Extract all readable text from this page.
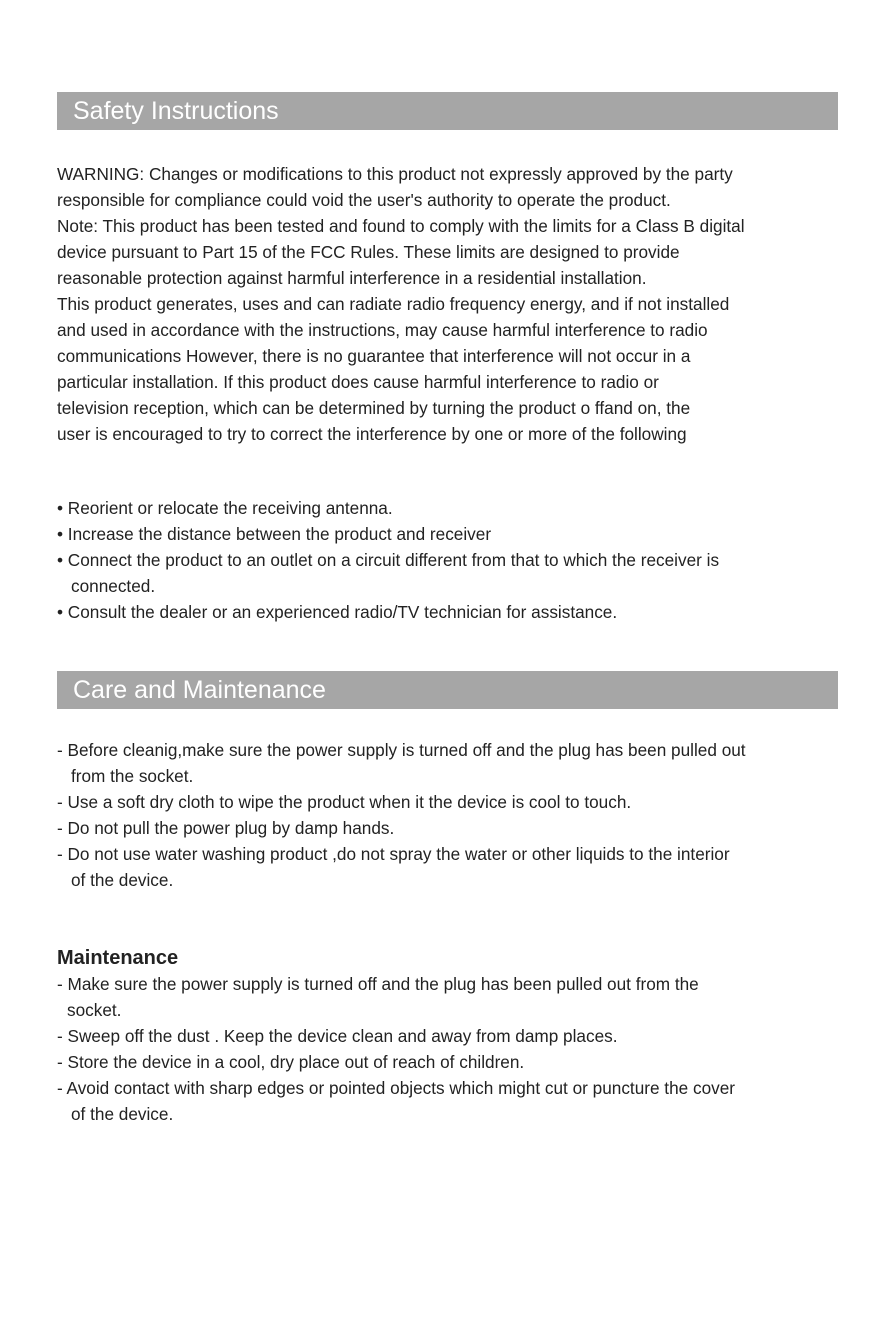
Safety Instructions
WARNING: Changes or modifications to this product not expressly approved by the party
responsible for compliance could void the user's authority to operate the product.
Note: This product has been tested and found to comply with the limits for a Class B digital
device pursuant to Part 15 of the FCC Rules. These limits are designed to provide
reasonable protection against harmful interference in a residential installation.
This product generates, uses and can radiate radio frequency energy, and if not installed
and used in accordance with the instructions, may cause harmful interference to radio
communications However, there is no guarantee that interference will not occur in a
particular installation. If this product does cause harmful interference to radio or
television reception, which can be determined by turning the product o ffand on, the
user is encouraged to try to correct the interference by one or more of the following
• Reorient or relocate the receiving antenna.
• Increase the distance between the product and receiver
• Connect the product to an outlet on a circuit different from that to which the receiver is
connected.
• Consult the dealer or an experienced radio/TV technician for assistance.
Care and Maintenance
- Before cleanig,make sure the power supply is turned off and the plug has been pulled out
from the socket.
- Use a soft dry cloth to wipe the product when it the device is cool to touch.
- Do not pull the power plug by damp hands.
- Do not use water washing product ,do not spray the water or other liquids to the interior
of the device.
Maintenance
- Make sure the power supply is turned off and the plug has been pulled out from the
socket.
- Sweep off the dust . Keep the device clean and away from damp places.
- Store the device in a cool, dry place out of reach of children.
- Avoid contact with sharp edges or pointed objects which might cut or puncture the cover
of the device.
